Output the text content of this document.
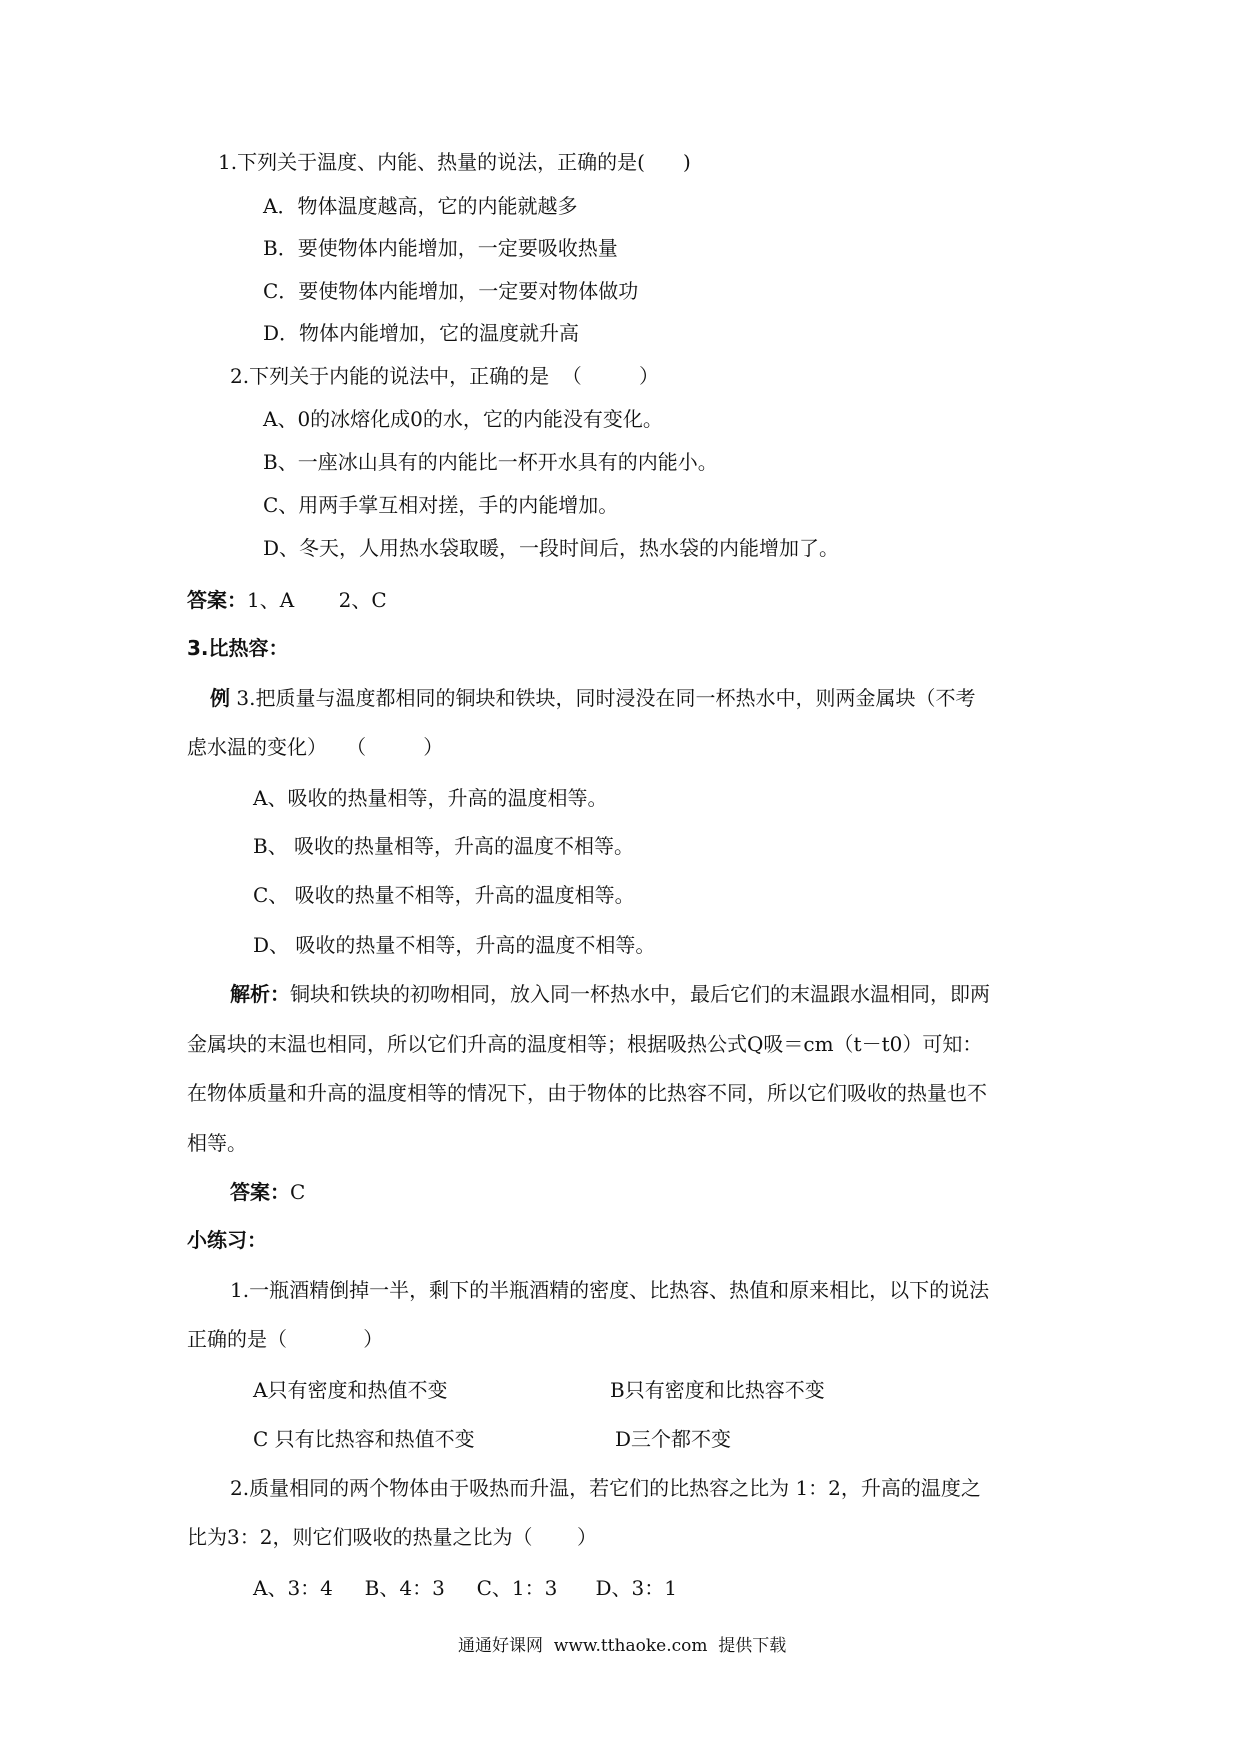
1.下列关于温度、内能、热量的说法，正确的是(      )
A．物体温度越高，它的内能就越多
B．要使物体内能增加，一定要吸收热量
C．要使物体内能增加，一定要对物体做功
D．物体内能增加，它的温度就升高
2.下列关于内能的说法中，正确的是  （         ）
A、0的冰熔化成0的水，它的内能没有变化。
B、一座冰山具有的内能比一杯开水具有的内能小。
C、用两手掌互相对搓，手的内能增加。
D、冬天，人用热水袋取暖，一段时间后，热水袋的内能增加了。
答案：1、A       2、C
3.比热容：
例 3.把质量与温度都相同的铜块和铁块，同时浸没在同一杯热水中，则两金属块（不考
虑水温的变化）   （         ）
A、吸收的热量相等，升高的温度相等。
B、 吸收的热量相等，升高的温度不相等。
C、 吸收的热量不相等，升高的温度相等。
D、 吸收的热量不相等，升高的温度不相等。
解析：铜块和铁块的初吻相同，放入同一杯热水中，最后它们的末温跟水温相同，即两
金属块的末温也相同，所以它们升高的温度相等；根据吸热公式Q吸＝cm（t－t0）可知：
在物体质量和升高的温度相等的情况下，由于物体的比热容不同，所以它们吸收的热量也不
相等。
答案：C
小练习：
1.一瓶酒精倒掉一半，剩下的半瓶酒精的密度、比热容、热值和原来相比，以下的说法
正确的是（            ）
A只有密度和热值不变	B只有密度和比热容不变
C 只有比热容和热值不变	D三个都不变
2.质量相同的两个物体由于吸热而升温，若它们的比热容之比为 1：2，升高的温度之
比为3：2，则它们吸收的热量之比为（       ）
A、3：4     B、4：3     C、1：3      D、3：1
通通好课网  www.tthaoke.com  提供下载
